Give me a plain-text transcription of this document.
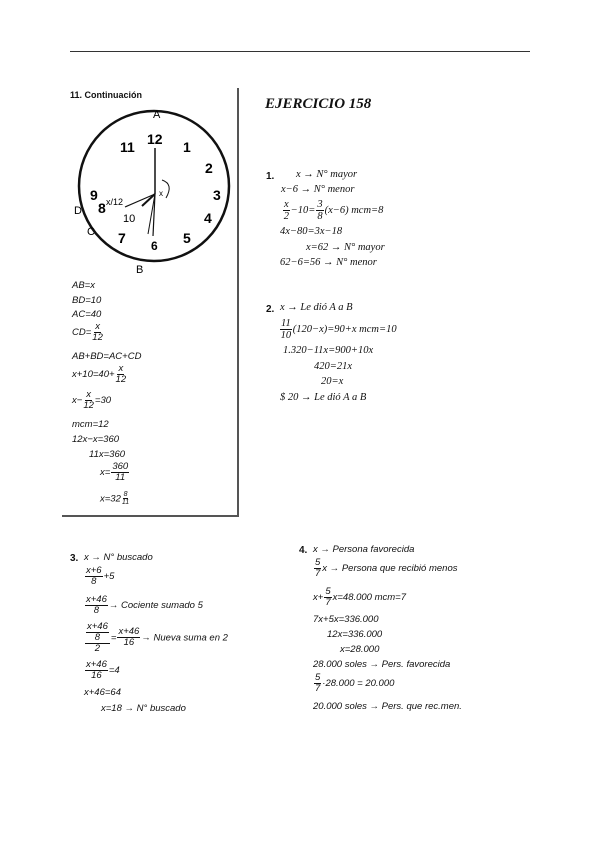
11. Continuación
12 1
2
3
4
5
6
7
8
9
10
11
x/12
x
A
B
C
D
AB=x
BD=10
AC=40
$CD= \frac{x}{12}$
AB+BD=AC+CD
$x+10=40+ \frac{x}{12}$
$x- \frac{x}{12} =30$
mcm=12
12x−x=360
11x=360
$x= \frac{360}{11}$
$x=32 \frac{8}{11}$
EJERCICIO 158
1. x → N° mayor
x−6 → N° menor
$\frac{x}{2} -10= \frac{3}{8} (x-6)$ mcm=8
4x−80=3x−18
x=62 → N° mayor
62−6=56 → N° menor
2. x → Le dió A a B
$\frac{11}{10} (120-x)=90+x$ mcm=10
1.320−11x=900+10x
420=21x
20=x
$ 20 → Le dió A a B
3. x → N° buscado
$\frac{x+6}{8} +5$
$\frac{x+46}{8}$ → Cociente sumado 5
$\frac{\frac{x+46}{8}}{2} = \frac{x+46}{16}$ → Nueva suma en 2
$\frac{x+46}{16} =4$
x+46=64
x=18 → N° buscado
4. x → Persona favorecida
$\frac{5}{7}$ x → Persona que recibió menos
$x+ \frac{5}{7} x=48.000$ mcm=7
7x+5x=336.000
12x=336.000
x=28.000
28.000 soles → Pers. favorecida
$\frac{5}{7} \cdot 28.000 = 20.000$
20.000 soles → Pers. que rec.men.
